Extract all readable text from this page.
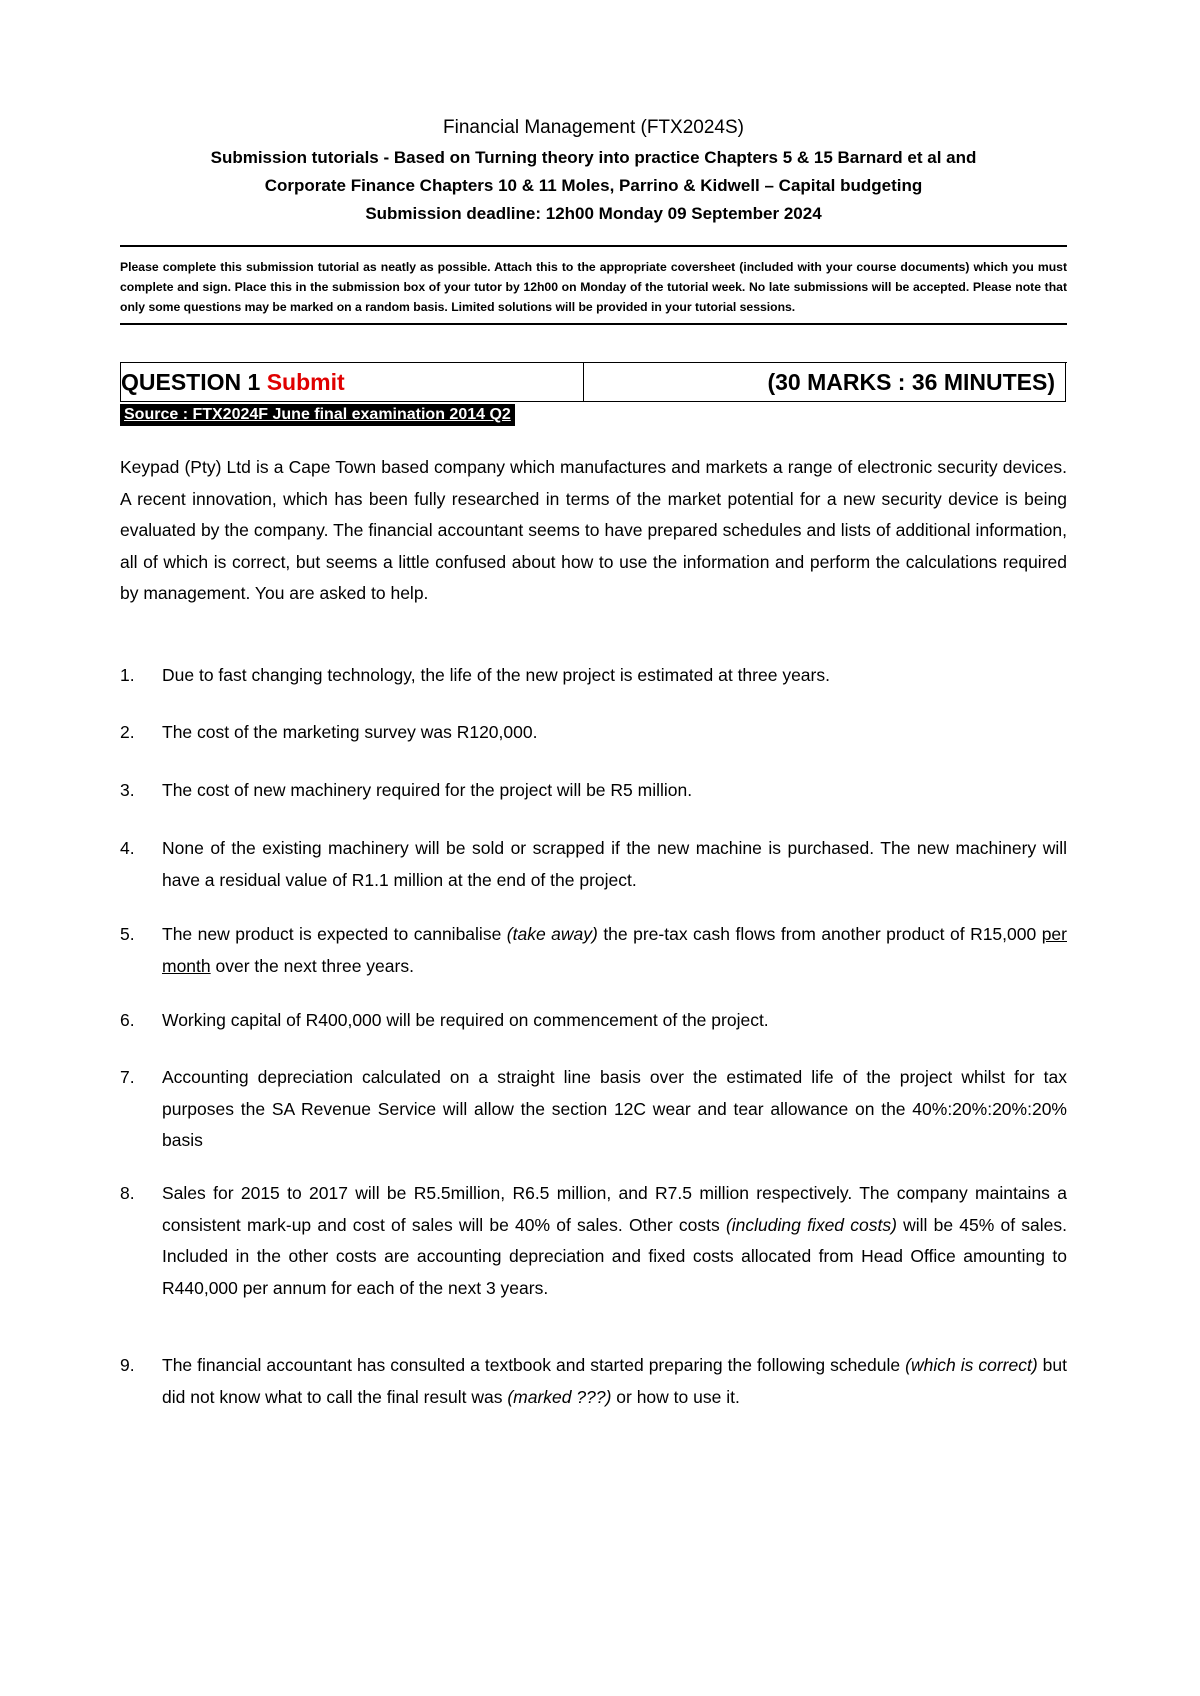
Financial Management (FTX2024S)

Submission tutorials - Based on Turning theory into practice Chapters 5 & 15 Barnard et al and

Corporate Finance Chapters 10 & 11 Moles, Parrino & Kidwell – Capital budgeting

Submission deadline: 12h00 Monday 09 September 2024

Please complete this submission tutorial as neatly as possible. Attach this to the appropriate coversheet (included with your course documents) which you must complete and sign. Place this in the submission box of your tutor by 12h00 on Monday of the tutorial week. No late submissions will be accepted. Please note that only some questions may be marked on a random basis. Limited solutions will be provided in your tutorial sessions.

QUESTION 1 Submit	(30 MARKS : 36 MINUTES)
Source : FTX2024F June final examination 2014 Q2

Keypad (Pty) Ltd is a Cape Town based company which manufactures and markets a range of electronic security devices. A recent innovation, which has been fully researched in terms of the market potential for a new security device is being evaluated by the company. The financial accountant seems to have prepared schedules and lists of additional information, all of which is correct, but seems a little confused about how to use the information and perform the calculations required by management. You are asked to help.

1.	Due to fast changing technology, the life of the new project is estimated at three years.
2.	The cost of the marketing survey was R120,000.
3.	The cost of new machinery required for the project will be R5 million.
4.	None of the existing machinery will be sold or scrapped if the new machine is purchased. The new machinery will have a residual value of R1.1 million at the end of the project.
5.	The new product is expected to cannibalise (take away) the pre-tax cash flows from another product of R15,000 per month over the next three years.
6.	Working capital of R400,000 will be required on commencement of the project.
7.	Accounting depreciation calculated on a straight line basis over the estimated life of the project whilst for tax purposes the SA Revenue Service will allow the section 12C wear and tear allowance on the 40%:20%:20%:20% basis
8.	Sales for 2015 to 2017 will be R5.5million, R6.5 million, and R7.5 million respectively. The company maintains a consistent mark-up and cost of sales will be 40% of sales. Other costs (including fixed costs) will be 45% of sales. Included in the other costs are accounting depreciation and fixed costs allocated from Head Office amounting to R440,000 per annum for each of the next 3 years.
9.	The financial accountant has consulted a textbook and started preparing the following schedule (which is correct) but did not know what to call the final result was (marked ???) or how to use it.
